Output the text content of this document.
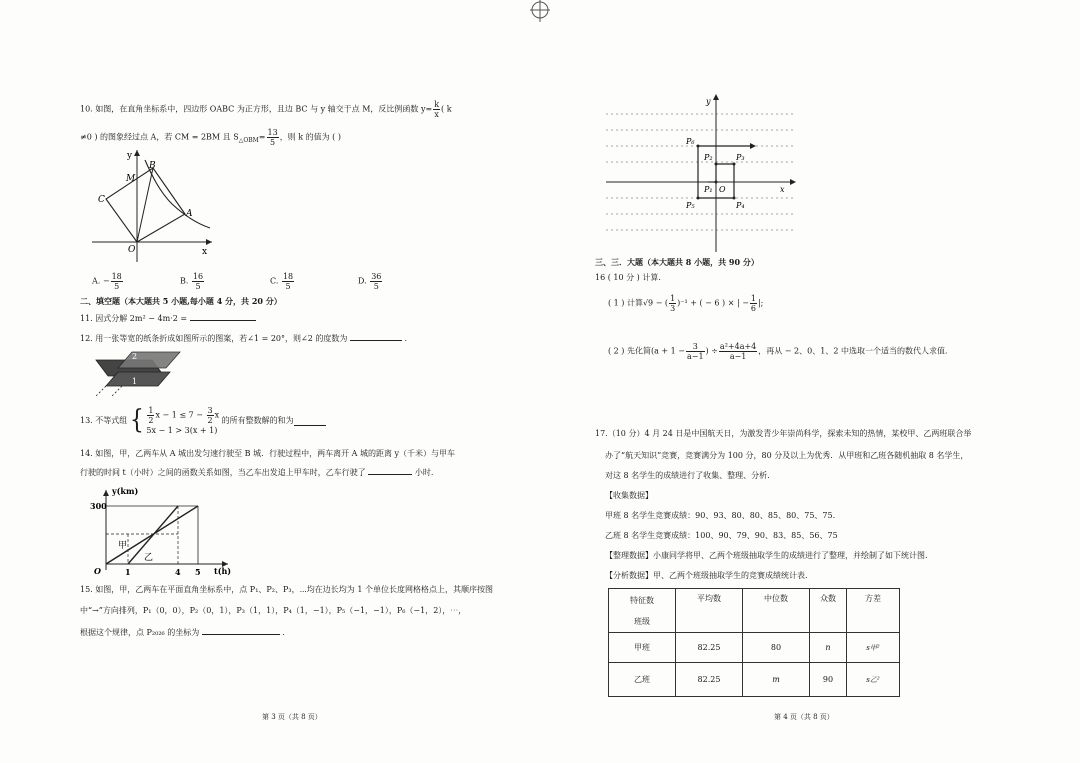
10. 如图，在直角坐标系中，四边形 OABC 为正方形，且边 BC 与 y 轴交于点 M，反比例函数 $y= \frac{k}{x}$ ( k
≠0 ) 的图象经过点 A，若 CM = 2BM 且 $S_{\triangle OBM}= \frac{13}{5}$ ，则 k 的值为 ( )
y
x
O
A
B
C
M
A. − $\frac{18}{5}$	B. $\frac{16}{5}$	C. $\frac{18}{5}$	D. $\frac{36}{5}$
二、填空题（本大题共 5 小题,每小题 4 分，共 20 分）
11. 因式分解 2m² − 4m·2 =
12. 用一张等宽的纸条折成如图所示的图案，若∠1 = 20°，则∠2 的度数为	.
2
1
13. 不等式组 { $\frac{1}{2}$ $x - 1 \le 7 - \frac{3}{2}$ x
5x − 1 > 3(x + 1)
的所有整数解的和为
14. 如图，甲，乙两车从 A 城出发匀速行驶至 B 城．行驶过程中，两车离开 A 城的距离 y（千米）与甲车
行驶的时间 t（小时）之间的函数关系如图，当乙车出发追上甲车时，乙车行驶了	小时.
y(km)
t(h)
300
O	1	4 5
甲
乙
15. 如图，甲，乙两车在平面直角坐标系中，点 P₁、P₂、P₃，⋯均在边长均为 1 个单位长度网格格点上，其顺序按图
中“→”方向排列，P₁（0，0），P₂（0，1），P₃（1，1），P₄（1，−1），P₅（−1，−1），P₆（−1，2），⋯，
根据这个规律，点 P₂₀₂₆ 的坐标为	.
第 3 页（共 8 页）
y
x
O
P₁
P₂	P₃
P₄
P₅
P₆
三、三．大题（本大题共 8 小题，共 90 分）
16 ( 10 分 ) 计算.
( 1 ) 计算√9 − ( $\frac{1}{3} )^{-1}$ + ( − 6 ) × | − $\frac{1}{6}$ |;
( 2 ) 先化简($a + 1 - \frac{3}{a-1}$ ) ÷ $\frac{\text{a²+4a+4}}{a-1}$ ，再从 − 2、0、1、2 中选取一个适当的数代人求值.
17.（10 分）4 月 24 日是中国航天日，为激发青少年崇尚科学，探索未知的热情，某校甲、乙两班联合举
办了“航天知识”竞赛，竞赛满分为 100 分，80 分及以上为优秀．从甲班和乙班各随机抽取 8 名学生，
对这 8 名学生的成绩进行了收集、整理、分析.
【收集数据】
甲班 8 名学生竞赛成绩：90、93、80、80、85、80、75、75.
乙班 8 名学生竞赛成绩：100、90、79、90、83、85、56、75
【整理数据】小康同学将甲、乙两个班级抽取学生的成绩进行了整理，并绘制了如下统计图.
【分析数据】甲、乙两个班级抽取学生的竞赛成绩统计表.
特征数
班级	平均数	中位数	众数	方差
甲班	82.25	80	n	s甲²
乙班	82.25	m	90	s乙²
第 4 页（共 8 页）
